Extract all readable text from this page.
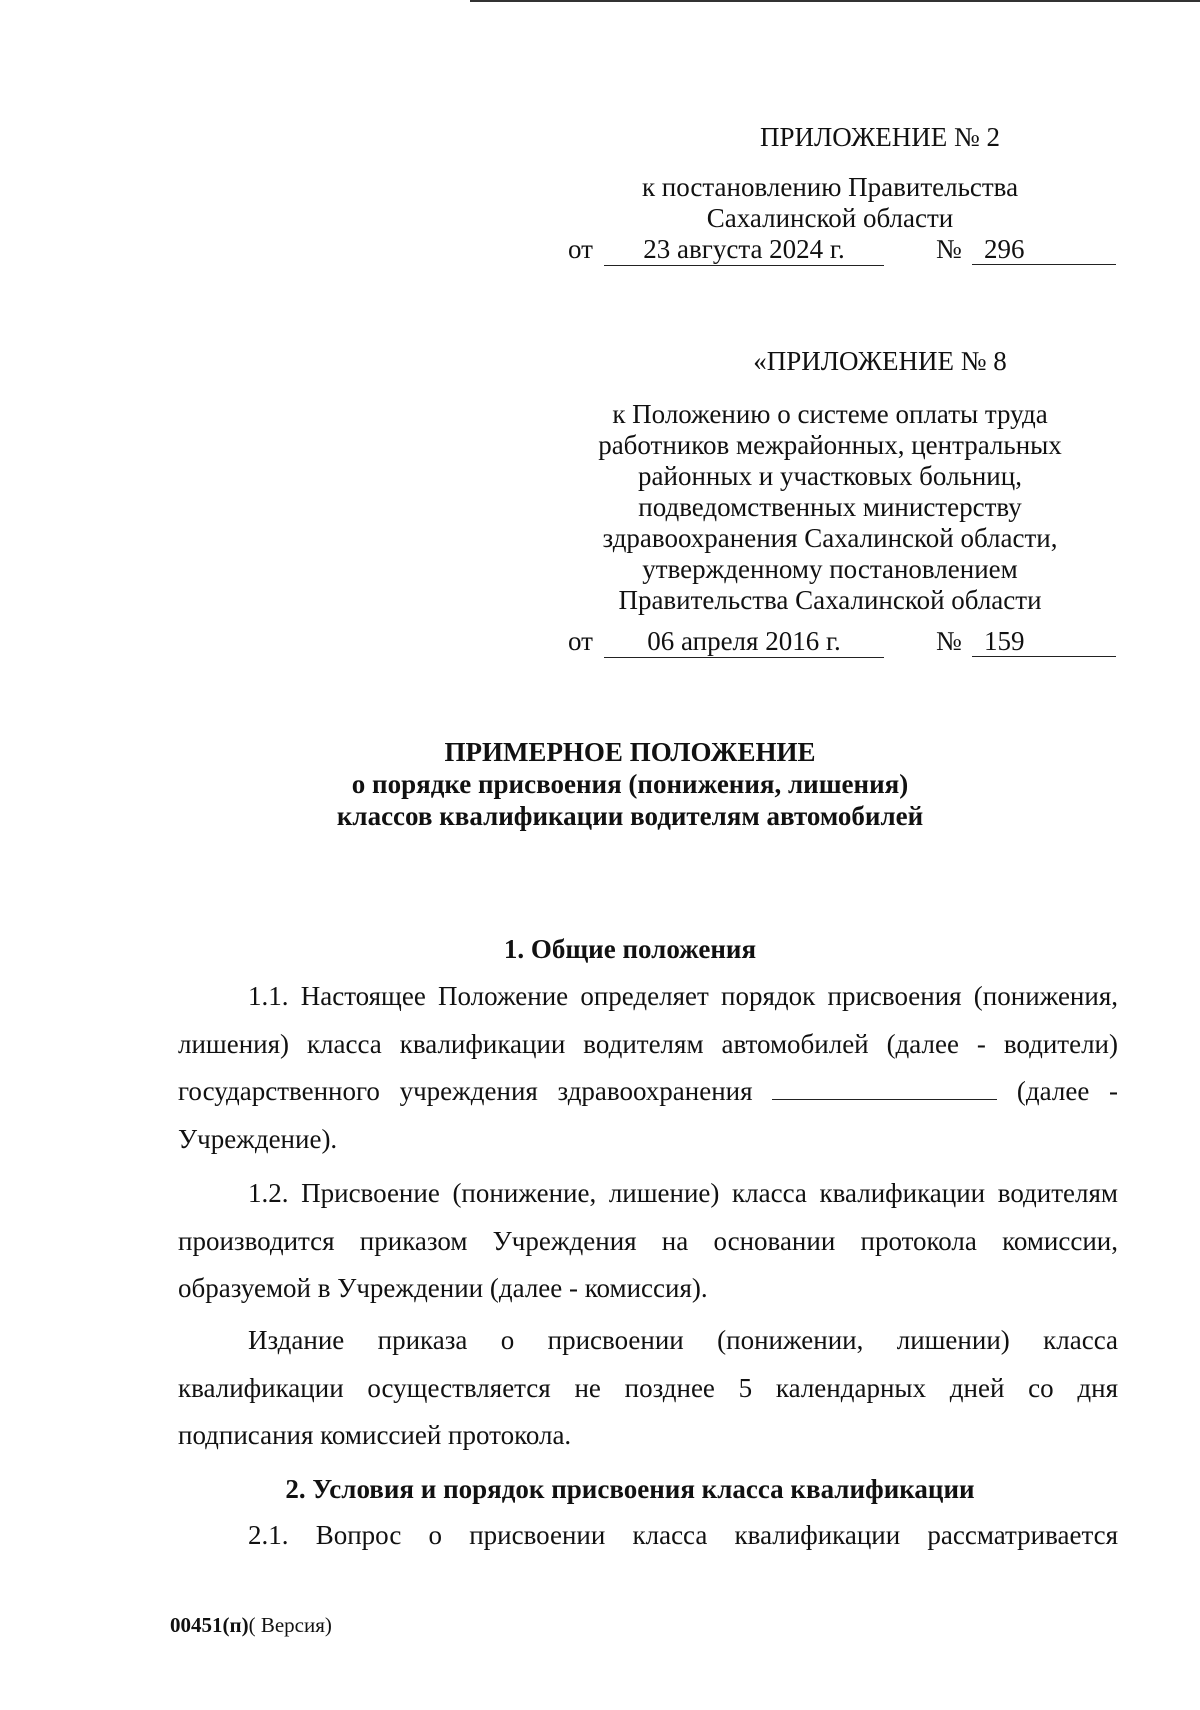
ПРИЛОЖЕНИЕ № 2
к постановлению Правительства
Сахалинской области
от	23 августа 2024 г.	№ 296
«ПРИЛОЖЕНИЕ № 8
к Положению о системе оплаты труда
работников межрайонных, центральных
районных и участковых больниц,
подведомственных министерству
здравоохранения Сахалинской области,
утвержденному постановлением
Правительства Сахалинской области
от	06 апреля 2016 г.	№ 159
ПРИМЕРНОЕ ПОЛОЖЕНИЕ
о порядке присвоения (понижения, лишения)
классов квалификации водителям автомобилей
1. Общие положения
1.1. Настоящее Положение определяет порядок присвоения (понижения, лишения) класса квалификации водителям автомобилей (далее - водители) государственного учреждения здравоохранения	(далее - Учреждение).
1.2. Присвоение (понижение, лишение) класса квалификации водителям производится приказом Учреждения на основании протокола комиссии, образуемой в Учреждении (далее - комиссия).
Издание приказа о присвоении (понижении, лишении) класса квалификации осуществляется не позднее 5 календарных дней со дня подписания комиссией протокола.
2. Условия и порядок присвоения класса квалификации
2.1. Вопрос о присвоении класса квалификации рассматривается
00451(п)( Версия)
